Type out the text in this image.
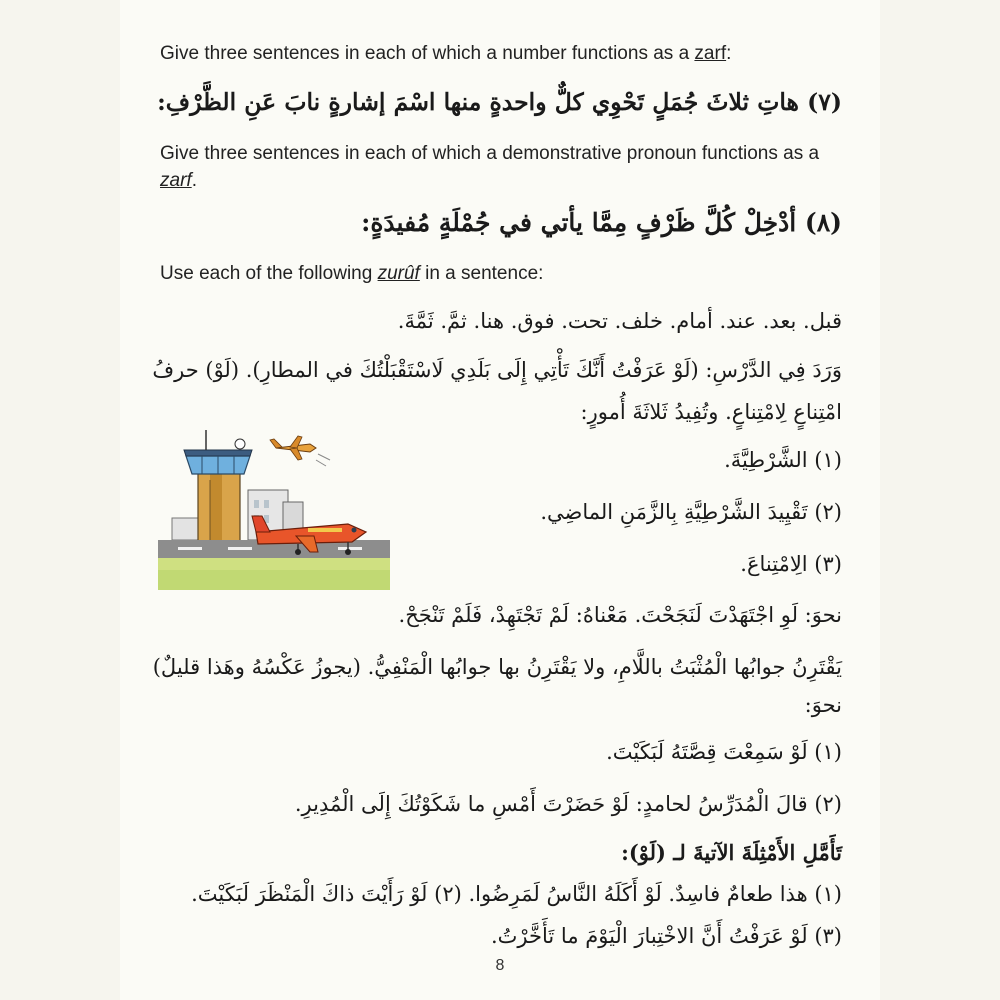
Give three sentences in each of which a number functions as a zarf:
(٧) هاتِ ثلاثَ جُمَلٍ تَحْوِي كلٌّ واحدةٍ منها اسْمَ إشارةٍ نابَ عَنِ الظَّرْفِ:
Give three sentences in each of which a demonstrative pronoun functions as a zarf.
(٨) أدْخِلْ كُلَّ ظَرْفٍ مِمَّا يأتي في جُمْلَةٍ مُفيدَةٍ:
Use each of the following zurûf in a sentence:
قبل. بعد. عند. أمام. خلف. تحت. فوق. هنا. ثمَّ. ثَمَّةَ.
وَرَدَ فِي الدَّرْسِ: (لَوْ عَرَفْتُ أَنَّكَ تَأْتِي إِلَى بَلَدِي لَاسْتَقْبَلْتُكَ في المطارِ). (لَوْ) حرفُ
امْتِناعٍ لِامْتِناعٍ. وتُفِيدُ ثَلاثَةَ أُمورٍ:
(١) الشَّرْطِيَّةَ.
(٢) تَقْيِيدَ الشَّرْطِيَّةِ بِالزَّمَنِ الماضِي.
(٣) الِامْتِناعَ.
نحوَ: لَوِ اجْتَهَدْتَ لَنَجَحْتَ. مَعْناهُ: لَمْ تَجْتَهِدْ، فَلَمْ تَنْجَحْ.
يَقْتَرِنُ جوابُها الْمُثْبَتُ باللَّامِ، ولا يَقْتَرِنُ بها جوابُها الْمَنْفِيُّ. (يجوزُ عَكْسُهُ وهَذا قليلٌ)
نحوَ:
(١) لَوْ سَمِعْتَ قِصَّتَهُ لَبَكَيْتَ.
(٢) قالَ الْمُدَرِّسُ لحامدٍ: لَوْ حَضَرْتَ أَمْسِ ما شَكَوْتُكَ إِلَى الْمُدِيرِ.
تَأَمَّلِ الأَمْثِلَةَ الآتيةَ لـ (لَوْ):
(١) هذا طعامٌ فاسِدٌ. لَوْ أَكَلَهُ النَّاسُ لَمَرِضُوا. (٢) لَوْ رَأَيْتَ ذاكَ الْمَنْظَرَ لَبَكَيْتَ.
(٣) لَوْ عَرَفْتُ أَنَّ الاخْتِبارَ الْيَوْمَ ما تَأَخَّرْتُ.
8
